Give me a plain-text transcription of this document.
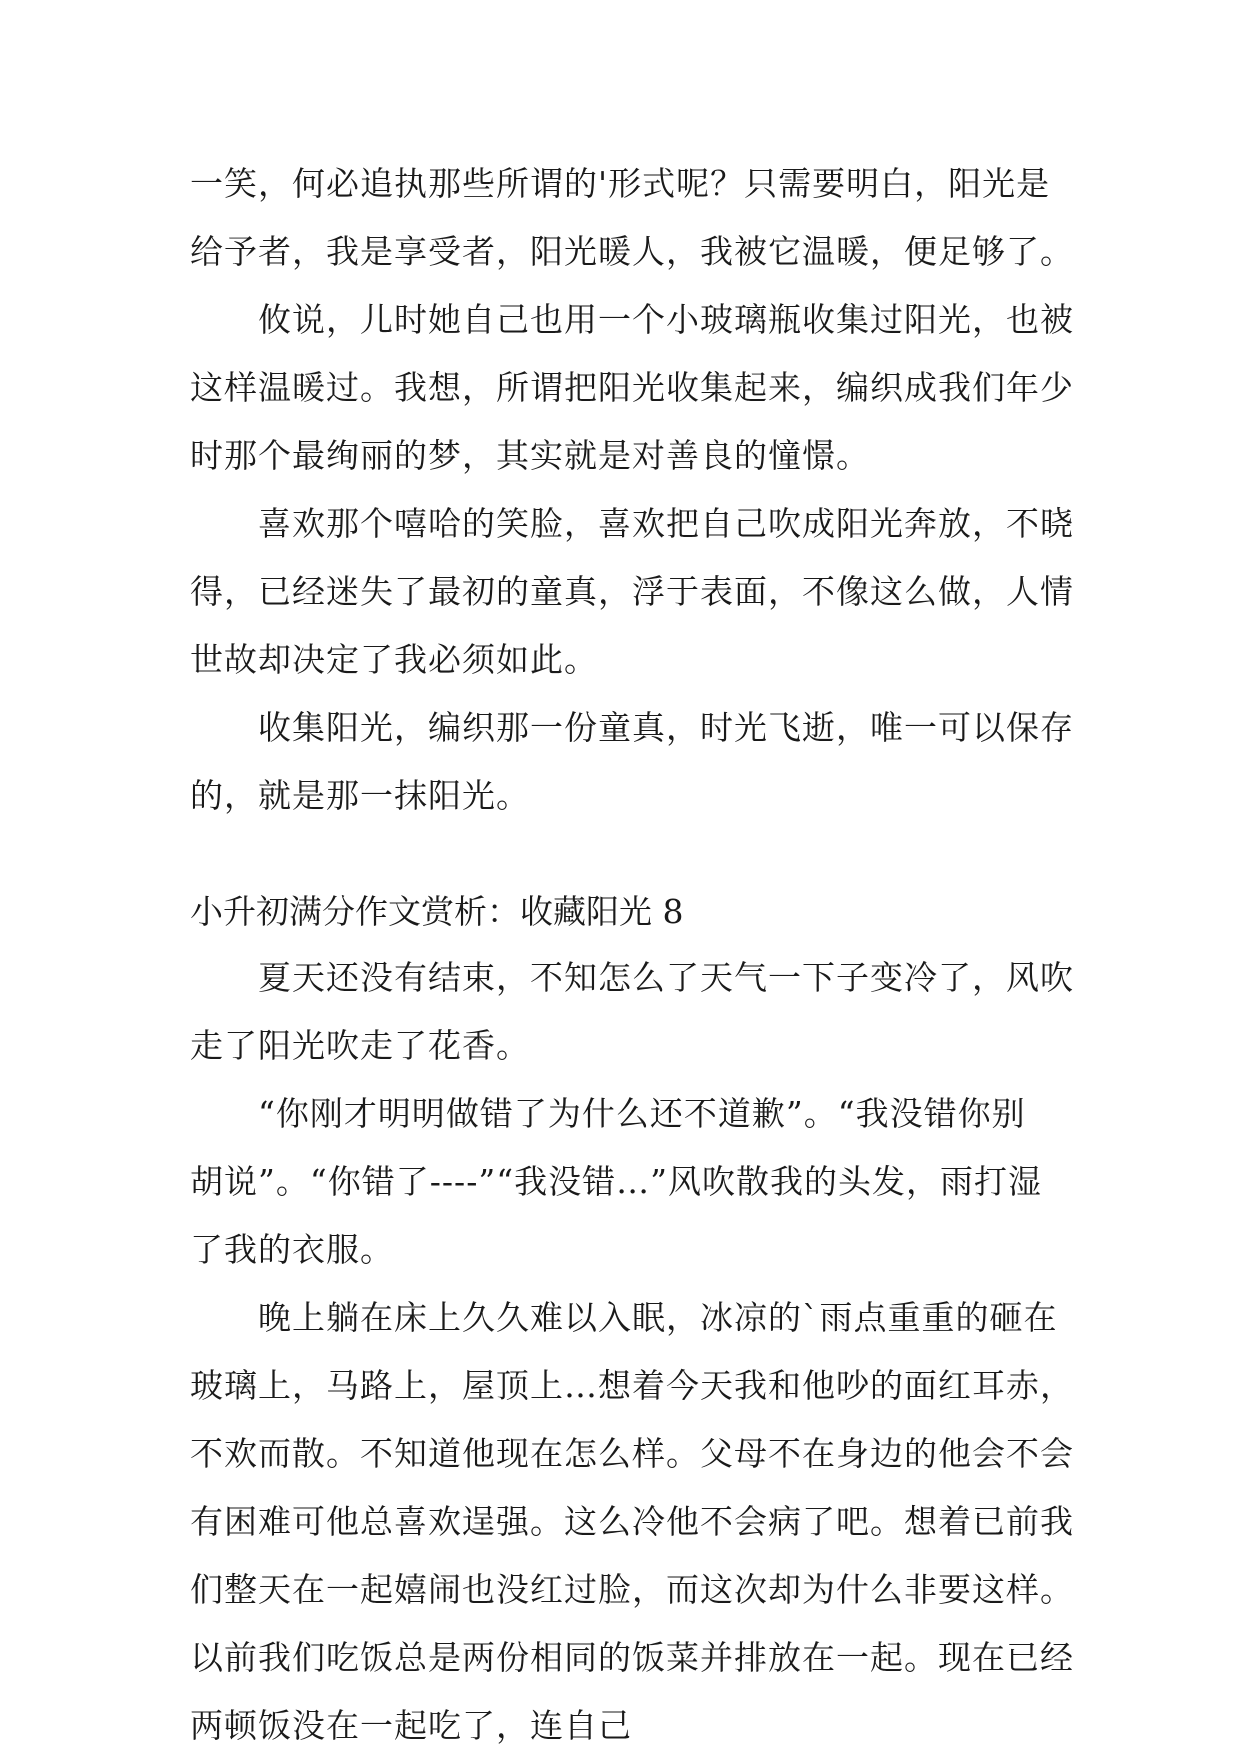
一笑，何必追执那些所谓的'形式呢？只需要明白，阳光是
给予者，我是享受者，阳光暖人，我被它温暖，便足够了。
　　攸说，儿时她自己也用一个小玻璃瓶收集过阳光，也被
这样温暖过。我想，所谓把阳光收集起来，编织成我们年少
时那个最绚丽的梦，其实就是对善良的憧憬。
　　喜欢那个嘻哈的笑脸，喜欢把自己吹成阳光奔放，不晓
得，已经迷失了最初的童真，浮于表面，不像这么做，人情
世故却决定了我必须如此。
　　收集阳光，编织那一份童真，时光飞逝，唯一可以保存
的，就是那一抹阳光。
小升初满分作文赏析：收藏阳光 8
　　夏天还没有结束，不知怎么了天气一下子变冷了，风吹
走了阳光吹走了花香。
　　“你刚才明明做错了为什么还不道歉”。“我没错你别
胡说”。“你错了----”“我没错…”风吹散我的头发，雨打湿
了我的衣服。
　　晚上躺在床上久久难以入眠，冰凉的`雨点重重的砸在
玻璃上，马路上，屋顶上…想着今天我和他吵的面红耳赤，
不欢而散。不知道他现在怎么样。父母不在身边的他会不会
有困难可他总喜欢逞强。这么冷他不会病了吧。想着已前我
们整天在一起嬉闹也没红过脸，而这次却为什么非要这样。
以前我们吃饭总是两份相同的饭菜并排放在一起。现在已经
两顿饭没在一起吃了，连自己
